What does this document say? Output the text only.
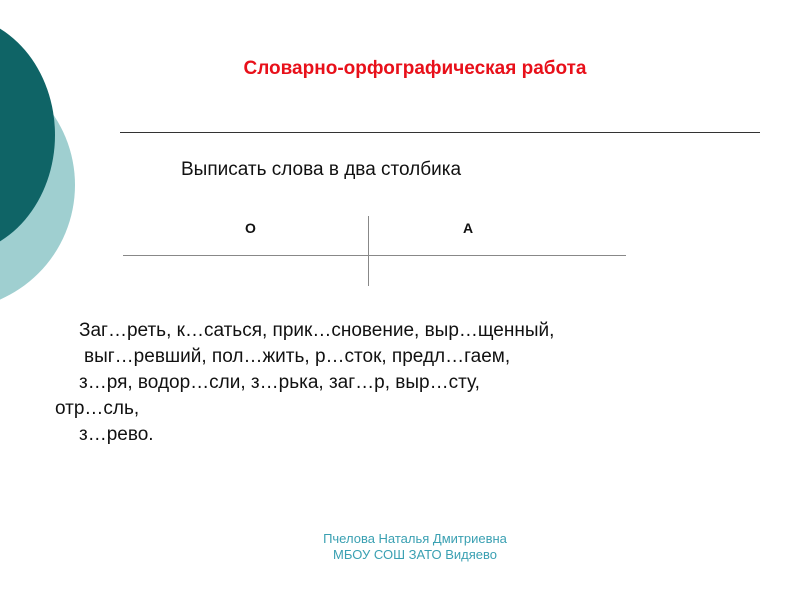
Словарно-орфографическая работа
Выписать слова в два столбика
О	А
Заг…реть, к…саться, прик…сновение, выр…щенный,
выг…ревший, пол…жить, р…сток, предл…гаем,
з…ря, водор…сли, з…рька, заг…р, выр…сту,
отр…сль,
з…рево.
Пчелова Наталья Дмитриевна
МБОУ СОШ ЗАТО Видяево
